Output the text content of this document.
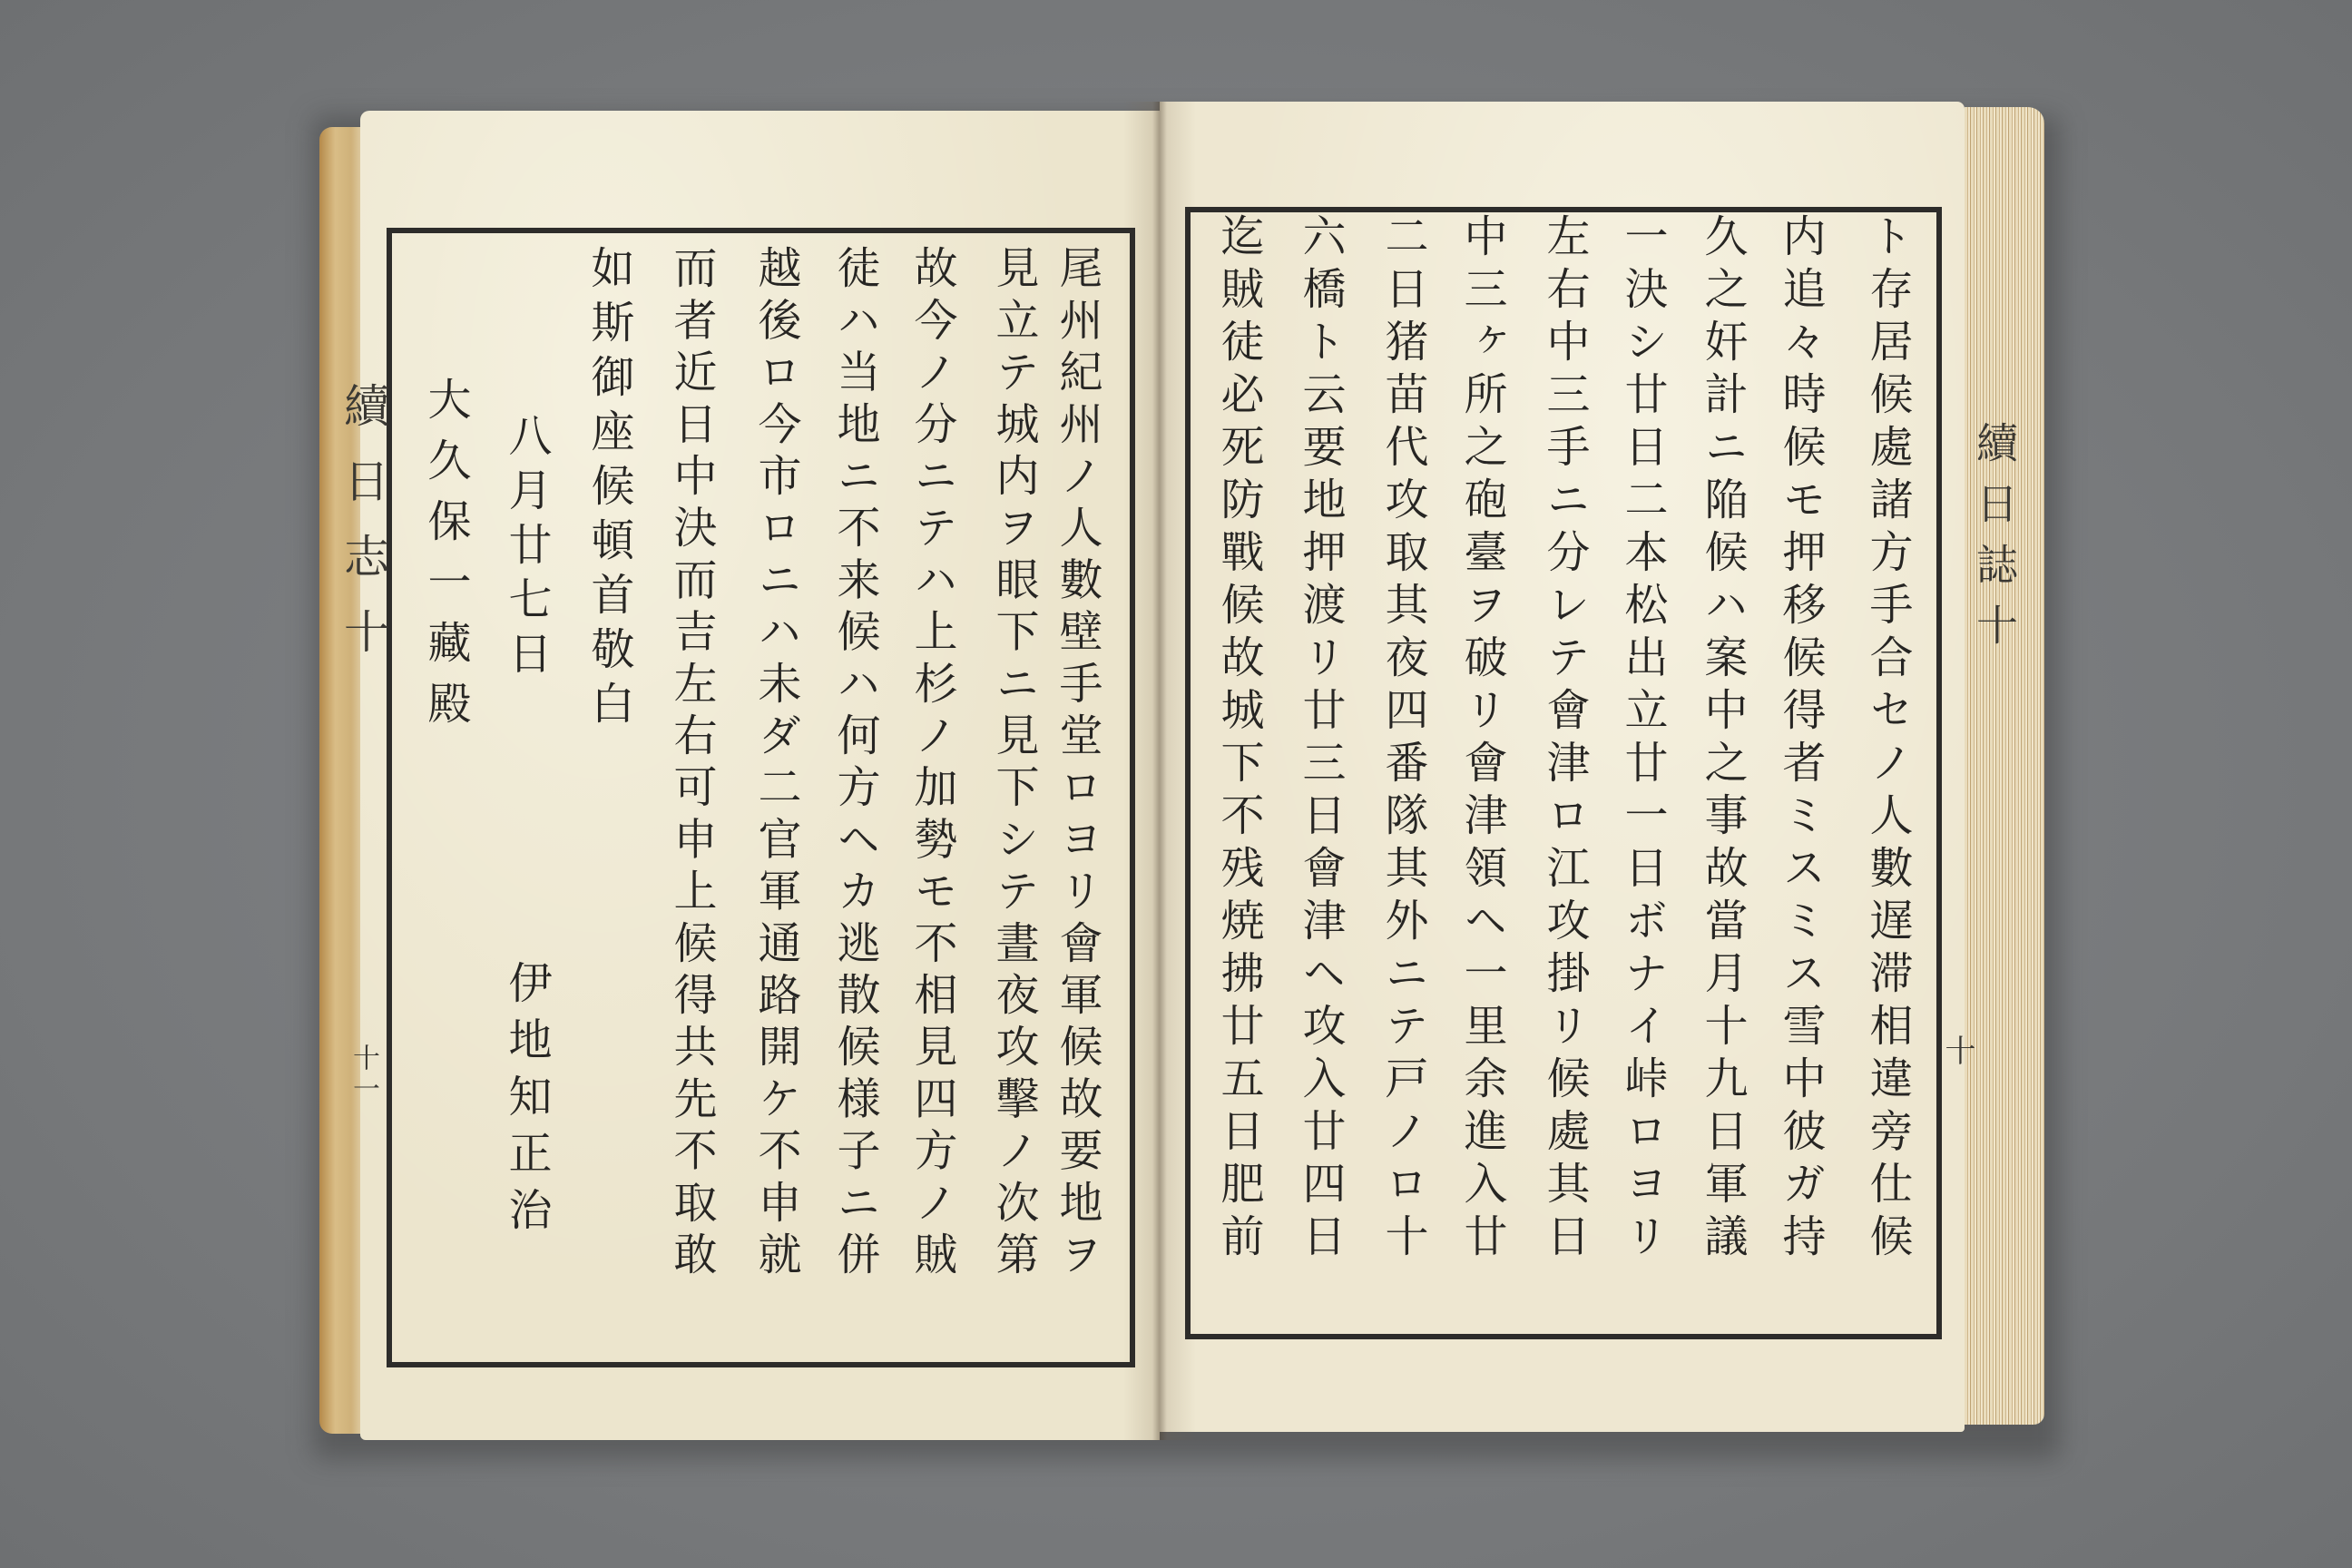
續日志十
十一	尾州紀州ノ人數壁手堂ロヨリ會軍候故要地ヲ
見立テ城内ヲ眼下ニ見下シテ晝夜攻擊ノ次第
故今ノ分ニテハ上杉ノ加勢モ不相見四方ノ賊
徒ハ当地ニ不来候ハ何方ヘカ逃散候様子ニ併
越後ロ今市ロニハ未ダ二官軍通路開ケ不申就
而者近日中決而吉左右可申上候得共先不取敢
如斯御座候頓首敬白
八月廿七日
伊地知正治
大久保一藏殿	ト存居候處諸方手合セノ人數遅滞相違旁仕候
内追々時候モ押移候得者ミスミス雪中彼ガ持
久之奸計ニ陥候ハ案中之事故當月十九日軍議
一決シ廿日二本松出立廿一日ボナイ峠ロヨリ
左右中三手ニ分レテ會津ロ江攻掛リ候處其日
中三ヶ所之砲臺ヲ破リ會津領ヘ一里余進入廿
二日猪苗代攻取其夜四番隊其外ニテ戸ノロ十
六橋ト云要地押渡リ廿三日會津ヘ攻入廿四日
迄賊徒必死防戰候故城下不残焼拂廿五日肥前	續日誌十
十
